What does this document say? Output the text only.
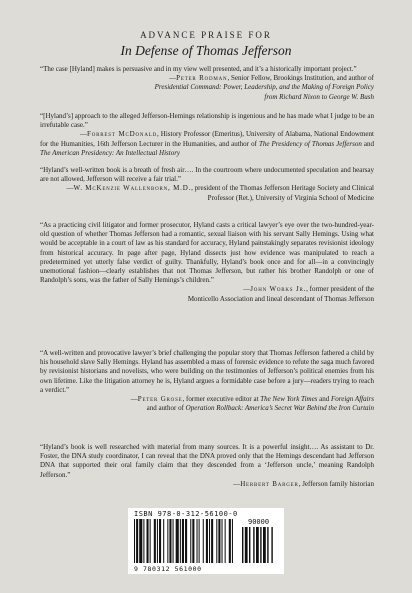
ADVANCE PRAISE FOR
In Defense of Thomas Jefferson

“The case [Hyland] makes is persuasive and in my view well presented, and it’s a historically important project.”

—Peter Rodman, Senior Fellow, Brookings Institution, and author of

Presidential Command: Power, Leadership, and the Making of Foreign Policy

from Richard Nixon to George W. Bush

“[Hyland’s] approach to the alleged Jefferson-Hemings relationship is ingenious and he has made what I judge to be an irrefutable case.”

—Forrest McDonald, History Professor (Emeritus), University of Alabama, National Endowment for the Humanities, 16th Jefferson Lecturer in the Humanities, and author of The Presidency of Thomas Jefferson and The American Presidency: An Intellectual History

“Hyland’s well-written book is a breath of fresh air…. In the courtroom where undocumented speculation and hearsay are not allowed, Jefferson will receive a fair trial.”

—W. McKenzie Wallenborn, M.D., president of the Thomas Jefferson Heritage Society and Clinical Professor (Ret.), University of Virginia School of Medicine

“As a practicing civil litigator and former prosecutor, Hyland casts a critical lawyer’s eye over the two-hundred-year-old question of whether Thomas Jefferson had a romantic, sexual liaison with his servant Sally Hemings. Using what would be acceptable in a court of law as his standard for accuracy, Hyland painstakingly separates revisionist ideology from historical accuracy. In page after page, Hyland dissects just how evidence was manipulated to reach a predetermined yet utterly false verdict of guilty. Thankfully, Hyland’s book once and for all—in a convincingly unemotional fashion—clearly establishes that not Thomas Jefferson, but rather his brother Randolph or one of Randolph’s sons, was the father of Sally Hemings’s children.”

—John Works Jr., former president of the

Monticello Association and lineal descendant of Thomas Jefferson

“A well-written and provocative lawyer’s brief challenging the popular story that Thomas Jefferson fathered a child by his household slave Sally Hemings. Hyland has assembled a mass of forensic evidence to refute the saga much favored by revisionist historians and novelists, who were building on the testimonies of Jefferson’s political enemies from his own lifetime. Like the litigation attorney he is, Hyland argues a formidable case before a jury—readers trying to reach a verdict.”

—Peter Grose, former executive editor at The New York Times and Foreign Affairs

and author of Operation Rollback: America’s Secret War Behind the Iron Curtain

“Hyland’s book is well researched with material from many sources. It is a powerful insight…. As assistant to Dr. Foster, the DNA study coordinator, I can reveal that the DNA proved only that the Hemings descendant had Jefferson DNA that supported their oral family claim that they descended from a ‘Jefferson uncle,’ meaning Randolph Jefferson.”

—Herbert Barger, Jefferson family historian

ISBN 978-0-312-56100-0
90000
9 780312 561000
